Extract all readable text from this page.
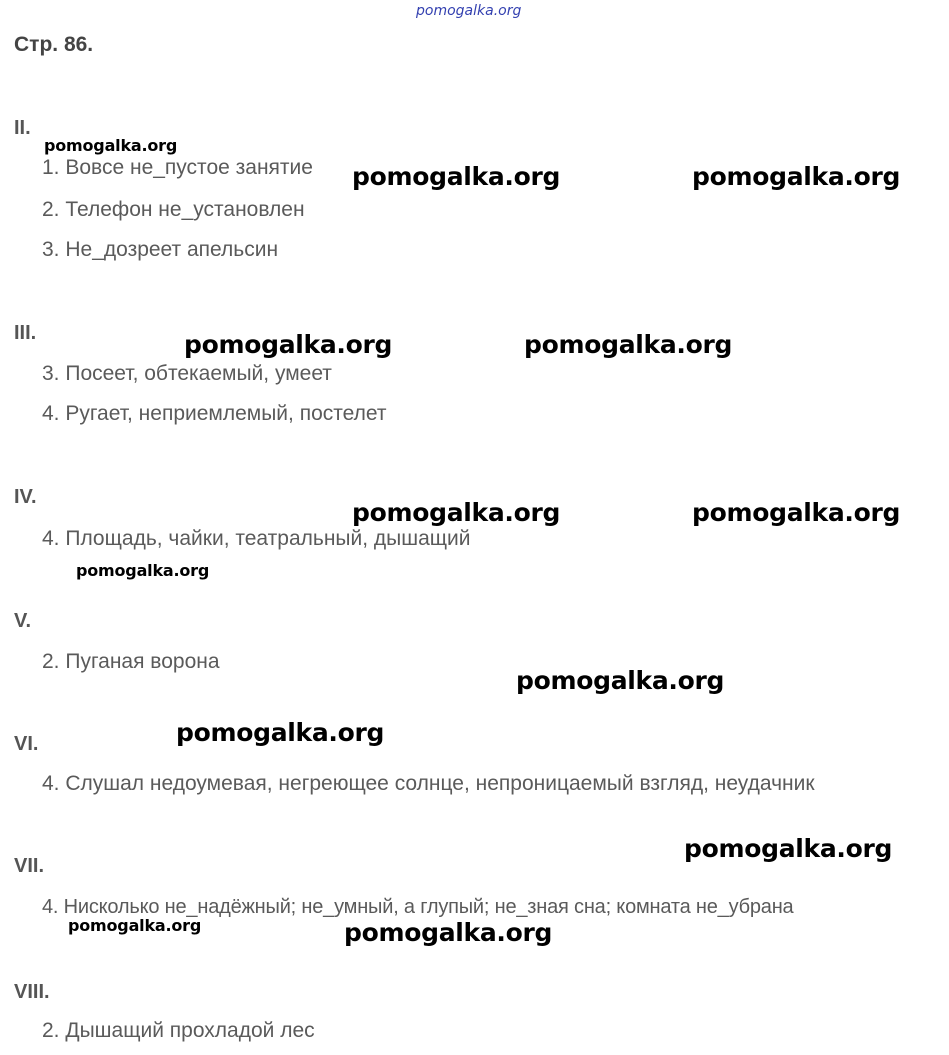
pomogalka.org
Стр. 86.
II.
1. Вовсе не_пустое занятие
2. Телефон не_установлен
3. Не_дозреет апельсин
III.
3. Посеет, обтекаемый, умеет
4. Ругает, неприемлемый, постелет
IV.
4. Площадь, чайки, театральный, дышащий
V.
2. Пуганая ворона
VI.
4. Слушал недоумевая, негреющее солнце, непроницаемый взгляд, неудачник
VII.
4. Нисколько не_надёжный; не_умный, а глупый; не_зная сна; комната не_убрана
VIII.
2. Дышащий прохладой лес
pomogalka.org
pomogalka.org	pomogalka.org
pomogalka.org	pomogalka.org
pomogalka.org	pomogalka.org
pomogalka.org
pomogalka.org
pomogalka.org
pomogalka.org
pomogalka.org	pomogalka.org
